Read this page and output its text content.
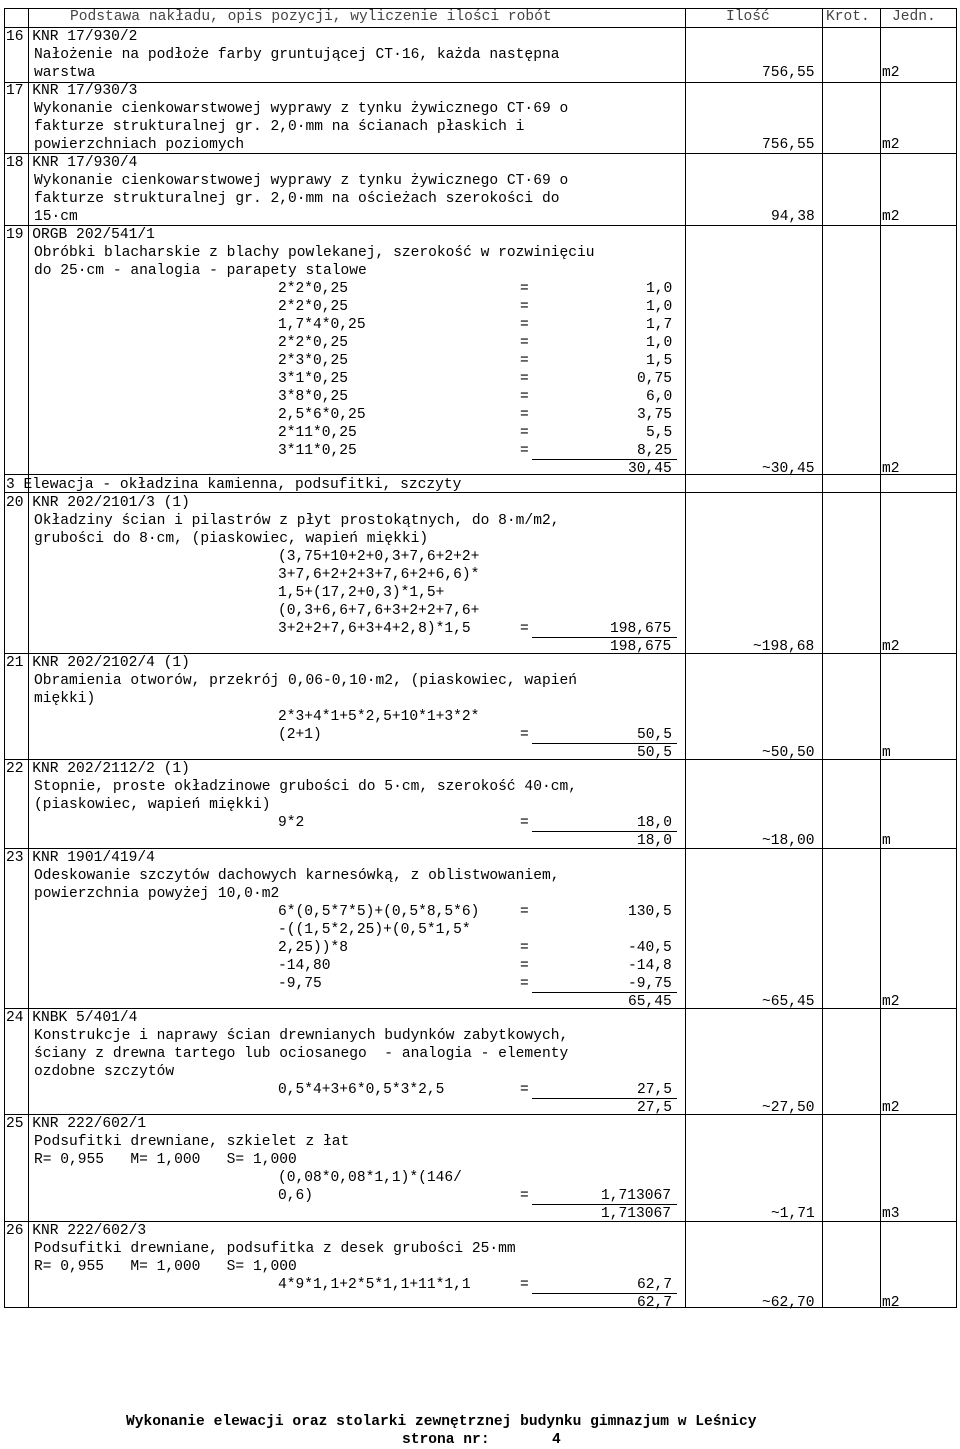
Podstawa nakładu, opis pozycji, wyliczenie ilości robót	Ilość	Krot. Jedn.
16 KNR 17/930/2
Nałożenie na podłoże farby gruntującej CT·16, każda następna
warstwa	756,55	m2
17 KNR 17/930/3
Wykonanie cienkowarstwowej wyprawy z tynku żywicznego CT·69 o
fakturze strukturalnej gr. 2,0·mm na ścianach płaskich i
powierzchniach poziomych	756,55	m2
18 KNR 17/930/4
Wykonanie cienkowarstwowej wyprawy z tynku żywicznego CT·69 o
fakturze strukturalnej gr. 2,0·mm na ościeżach szerokości do
15·cm	94,38	m2
19 ORGB 202/541/1
Obróbki blacharskie z blachy powlekanej, szerokość w rozwinięciu
do 25·cm - analogia - parapety stalowe
2*2*0,25	=	1,0
2*2*0,25	=	1,0
1,7*4*0,25	=	1,7
2*2*0,25	=	1,0
2*3*0,25	=	1,5
3*1*0,25	=	0,75
3*8*0,25	=	6,0
2,5*6*0,25	=	3,75
2*11*0,25	=	5,5
3*11*0,25	=	8,25
30,45	~30,45	m2
3 Elewacja - okładzina kamienna, podsufitki, szczyty
20 KNR 202/2101/3 (1)
Okładziny ścian i pilastrów z płyt prostokątnych, do 8·m/m2,
grubości do 8·cm, (piaskowiec, wapień miękki)
(3,75+10+2+0,3+7,6+2+2+
3+7,6+2+2+3+7,6+2+6,6)*
1,5+(17,2+0,3)*1,5+
(0,3+6,6+7,6+3+2+2+7,6+
3+2+2+7,6+3+4+2,8)*1,5	=	198,675
198,675	~198,68	m2
21 KNR 202/2102/4 (1)
Obramienia otworów, przekrój 0,06-0,10·m2, (piaskowiec, wapień
miękki)
2*3+4*1+5*2,5+10*1+3*2*
(2+1)	=	50,5
50,5	~50,50	m
22 KNR 202/2112/2 (1)
Stopnie, proste okładzinowe grubości do 5·cm, szerokość 40·cm,
(piaskowiec, wapień miękki)
9*2	=	18,0
18,0	~18,00	m
23 KNR 1901/419/4
Odeskowanie szczytów dachowych karnesówką, z oblistwowaniem,
powierzchnia powyżej 10,0·m2
6*(0,5*7*5)+(0,5*8,5*6)	=	130,5
-((1,5*2,25)+(0,5*1,5*
2,25))*8	=	-40,5
-14,80	=	-14,8
-9,75	=	-9,75
65,45	~65,45	m2
24 KNBK 5/401/4
Konstrukcje i naprawy ścian drewnianych budynków zabytkowych,
ściany z drewna tartego lub ociosanego  - analogia - elementy
ozdobne szczytów
0,5*4+3+6*0,5*3*2,5	=	27,5
27,5	~27,50	m2
25 KNR 222/602/1
Podsufitki drewniane, szkielet z łat
R= 0,955   M= 1,000   S= 1,000
(0,08*0,08*1,1)*(146/
0,6)	=	1,713067
1,713067	~1,71	m3
26 KNR 222/602/3
Podsufitki drewniane, podsufitka z desek grubości 25·mm
R= 0,955   M= 1,000   S= 1,000
4*9*1,1+2*5*1,1+11*1,1	=	62,7
62,7	~62,70	m2
Wykonanie elewacji oraz stolarki zewnętrznej budynku gimnazjum w Leśnicy
strona nr:	4
